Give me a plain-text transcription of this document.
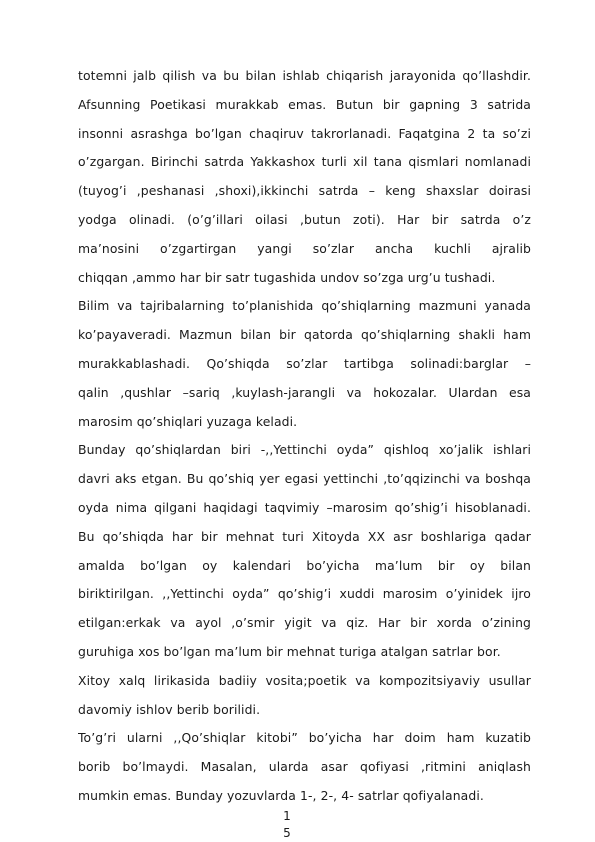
totemni jalb qilish va bu bilan ishlab chiqarish jarayonida qo’llashdir.
Afsunning Poetikasi murakkab emas. Butun bir gapning 3 satrida
insonni asrashga bo’lgan chaqiruv takrorlanadi. Faqatgina 2 ta so’zi
o’zgargan. Birinchi satrda Yakkashox turli xil tana qismlari nomlanadi
(tuyog’i ,peshanasi ,shoxi),ikkinchi satrda – keng shaxslar doirasi
yodga olinadi. (o’g’illari oilasi ,butun zoti). Har bir satrda o’z
ma’nosini o’zgartirgan yangi so’zlar ancha kuchli ajralib
chiqqan ,ammo har bir satr tugashida undov so’zga urg’u tushadi.
Bilim va tajribalarning to’planishida qo’shiqlarning mazmuni yanada
ko’payaveradi. Mazmun bilan bir qatorda qo’shiqlarning shakli ham
murakkablashadi. Qo’shiqda so’zlar tartibga solinadi:barglar –
qalin ,qushlar –sariq ,kuylash-jarangli va hokozalar. Ulardan esa
marosim qo’shiqlari yuzaga keladi.
Bunday qo’shiqlardan biri -,,Yettinchi oyda” qishloq xo’jalik ishlari
davri aks etgan. Bu qo’shiq yer egasi yettinchi ,to’qqizinchi va boshqa
oyda nima qilgani haqidagi taqvimiy –marosim qo’shig’i hisoblanadi.
Bu qo’shiqda har bir mehnat turi Xitoyda XX asr boshlariga qadar
amalda bo’lgan oy kalendari bo’yicha ma’lum bir oy bilan
biriktirilgan. ,,Yettinchi oyda” qo’shig’i xuddi marosim o’yinidek ijro
etilgan:erkak va ayol ,o’smir yigit va qiz. Har bir xorda o’zining
guruhiga xos bo’lgan ma’lum bir mehnat turiga atalgan satrlar bor.
Xitoy xalq lirikasida badiiy vosita;poetik va kompozitsiyaviy usullar
davomiy ishlov berib borilidi.
To’g’ri ularni ,,Qo’shiqlar kitobi” bo’yicha har doim ham kuzatib
borib bo’lmaydi. Masalan, ularda asar qofiyasi ,ritmini aniqlash
mumkin emas. Bunday yozuvlarda 1-, 2-, 4- satrlar qofiyalanadi.
1
5
